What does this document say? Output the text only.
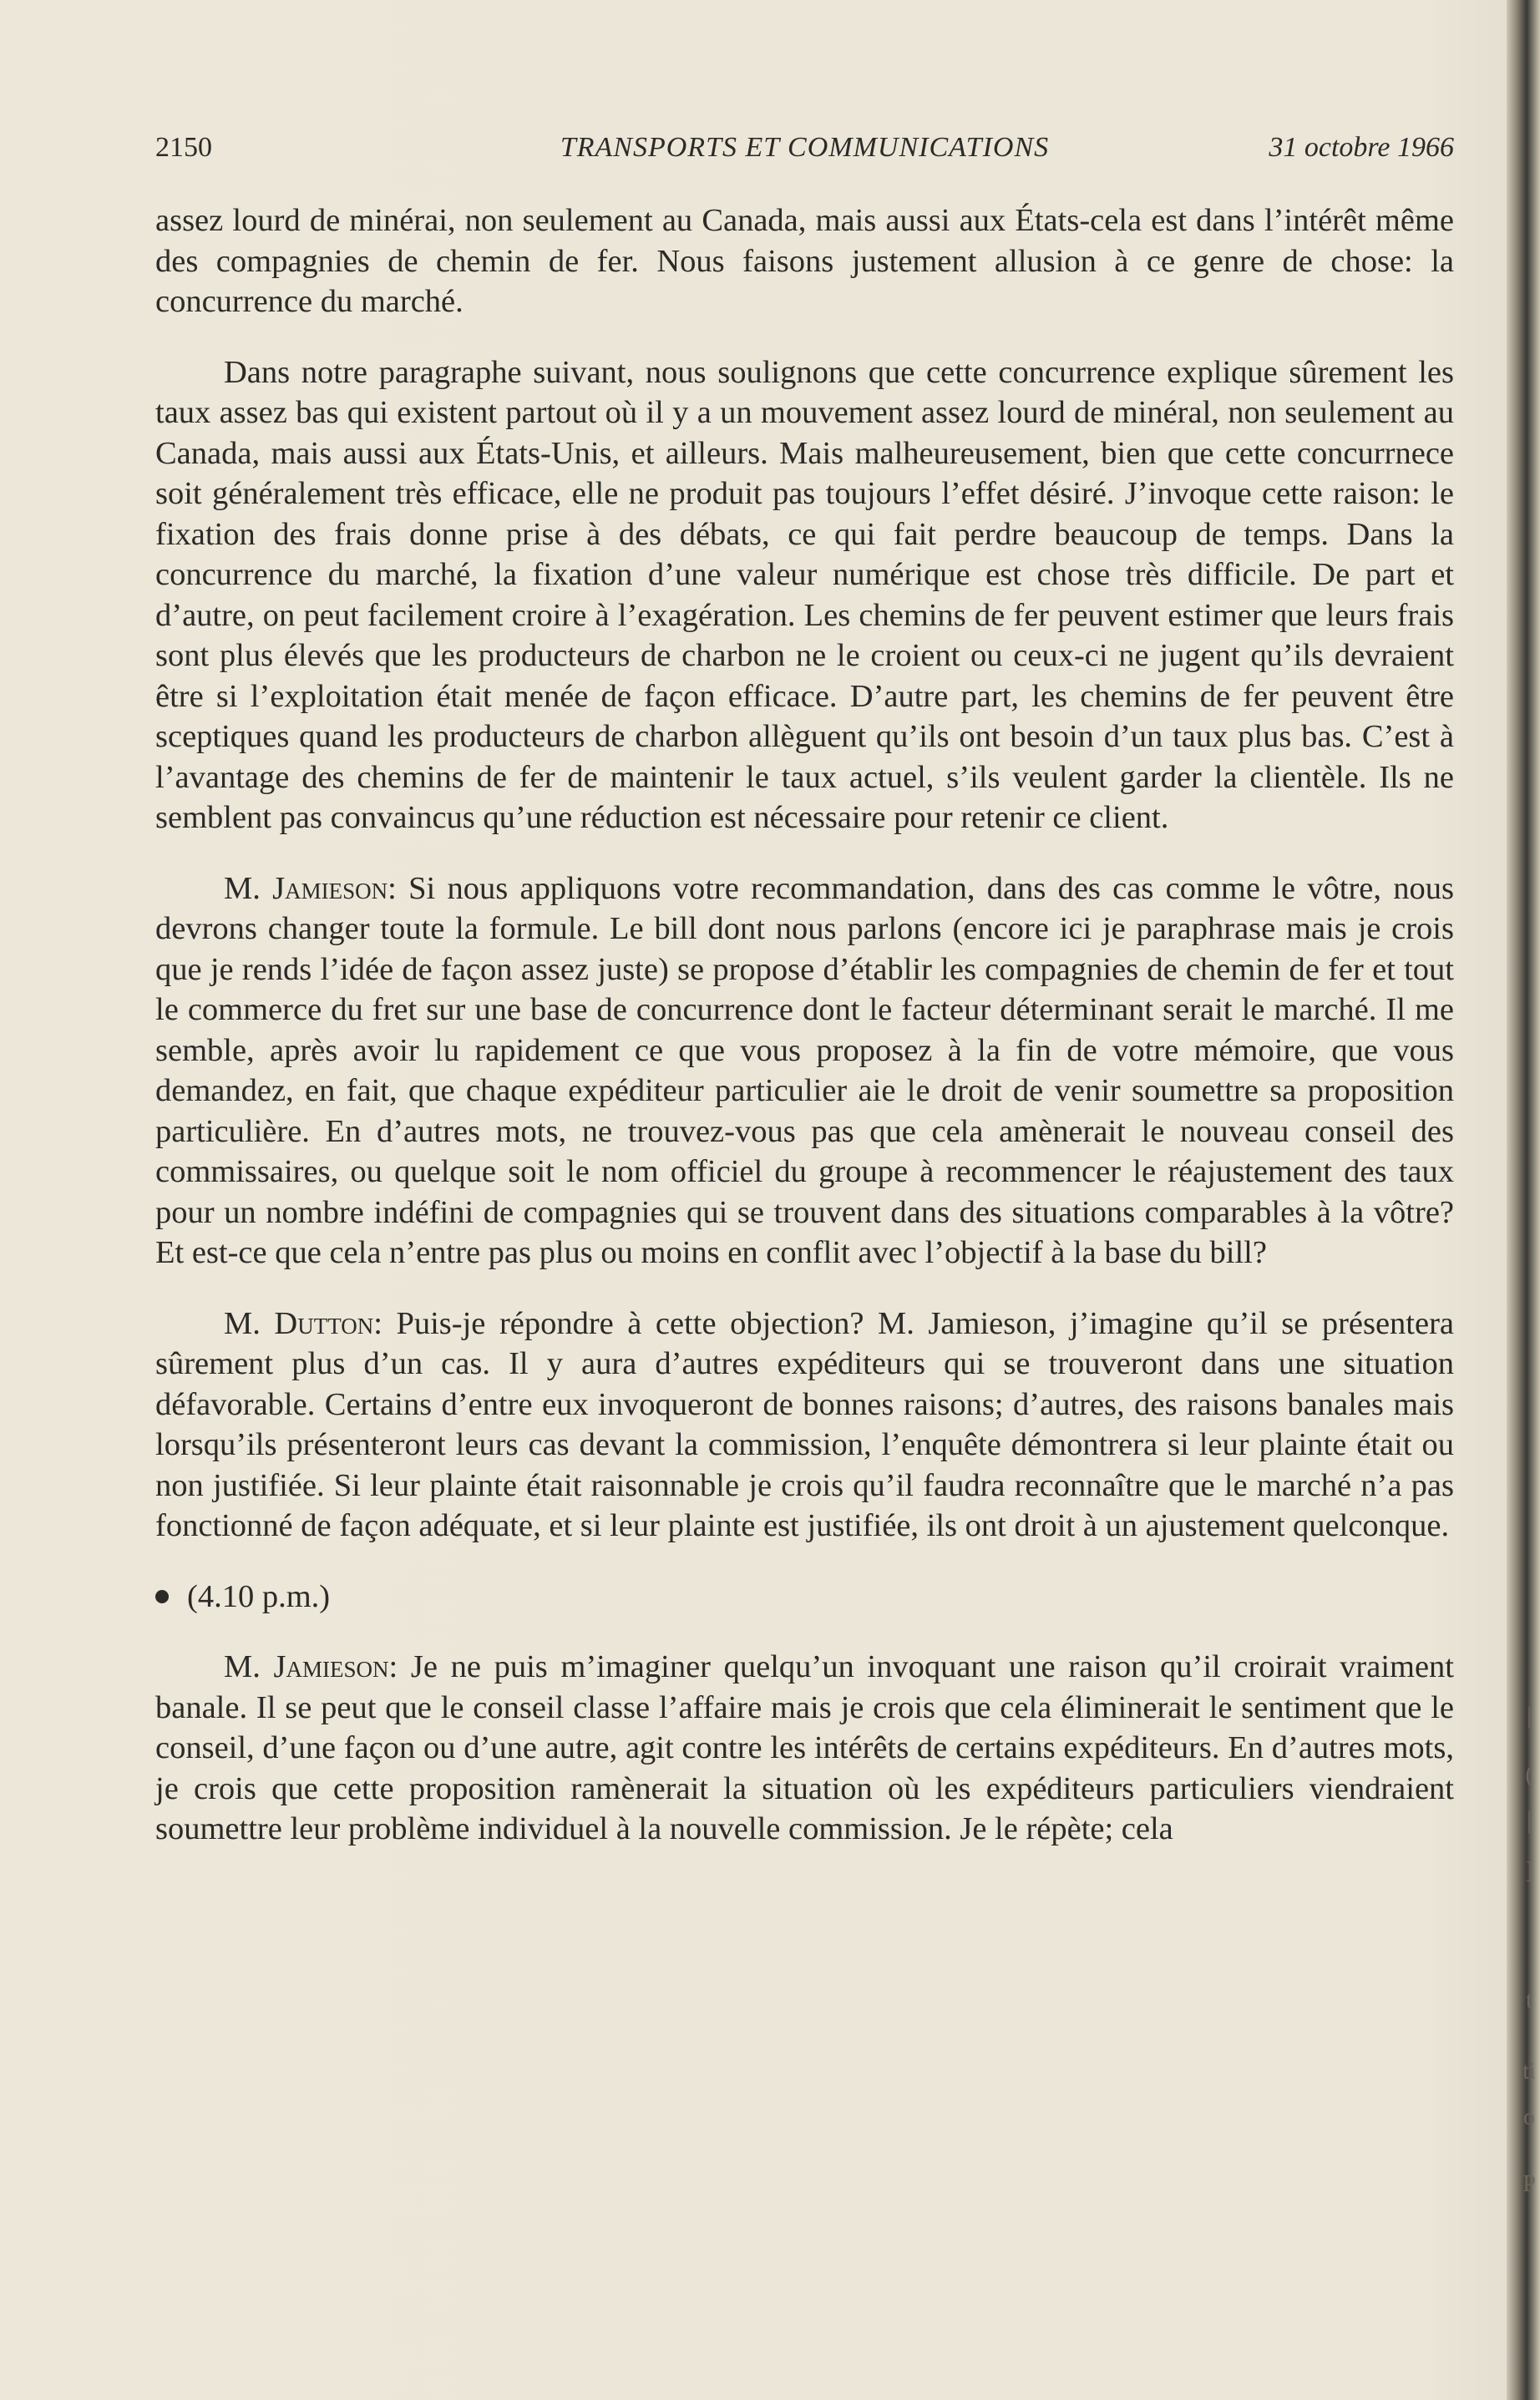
2150	TRANSPORTS ET COMMUNICATIONS	31 octobre 1966

assez lourd de minérai, non seulement au Canada, mais aussi aux États-cela est dans l’intérêt même des compagnies de chemin de fer. Nous faisons justement allusion à ce genre de chose: la concurrence du marché.

Dans notre paragraphe suivant, nous soulignons que cette concurrence explique sûrement les taux assez bas qui existent partout où il y a un mouvement assez lourd de minéral, non seulement au Canada, mais aussi aux États-Unis, et ailleurs. Mais malheureusement, bien que cette concurrnece soit généralement très efficace, elle ne produit pas toujours l’effet désiré. J’invoque cette raison: le fixation des frais donne prise à des débats, ce qui fait perdre beaucoup de temps. Dans la concurrence du marché, la fixation d’une valeur numérique est chose très difficile. De part et d’autre, on peut facilement croire à l’exagération. Les chemins de fer peuvent estimer que leurs frais sont plus élevés que les producteurs de charbon ne le croient ou ceux-ci ne jugent qu’ils devraient être si l’exploitation était menée de façon efficace. D’autre part, les chemins de fer peuvent être sceptiques quand les producteurs de charbon allèguent qu’ils ont besoin d’un taux plus bas. C’est à l’avantage des chemins de fer de maintenir le taux actuel, s’ils veulent garder la clientèle. Ils ne semblent pas convaincus qu’une réduction est nécessaire pour retenir ce client.

M. Jamieson: Si nous appliquons votre recommandation, dans des cas comme le vôtre, nous devrons changer toute la formule. Le bill dont nous parlons (encore ici je paraphrase mais je crois que je rends l’idée de façon assez juste) se propose d’établir les compagnies de chemin de fer et tout le commerce du fret sur une base de concurrence dont le facteur déterminant serait le marché. Il me semble, après avoir lu rapidement ce que vous proposez à la fin de votre mémoire, que vous demandez, en fait, que chaque expéditeur particulier aie le droit de venir soumettre sa proposition particulière. En d’autres mots, ne trouvez-vous pas que cela amènerait le nouveau conseil des commissaires, ou quelque soit le nom officiel du groupe à recommencer le réajustement des taux pour un nombre indéfini de compagnies qui se trouvent dans des situations comparables à la vôtre? Et est-ce que cela n’entre pas plus ou moins en conflit avec l’objectif à la base du bill?

M. Dutton: Puis-je répondre à cette objection? M. Jamieson, j’imagine qu’il se présentera sûrement plus d’un cas. Il y aura d’autres expéditeurs qui se trouveront dans une situation défavorable. Certains d’entre eux invoqueront de bonnes raisons; d’autres, des raisons banales mais lorsqu’ils présenteront leurs cas devant la commission, l’enquête démontrera si leur plainte était ou non justifiée. Si leur plainte était raisonnable je crois qu’il faudra reconnaître que le marché n’a pas fonctionné de façon adéquate, et si leur plainte est justifiée, ils ont droit à un ajustement quelconque.

(4.10 p.m.)

M. Jamieson: Je ne puis m’imaginer quelqu’un invoquant une raison qu’il croirait vraiment banale. Il se peut que le conseil classe l’affaire mais je crois que cela éliminerait le sentiment que le conseil, d’une façon ou d’une autre, agit contre les intérêts de certains expéditeurs. En d’autres mots, je crois que cette proposition ramènerait la situation où les expéditeurs particuliers viendraient soumettre leur problème individuel à la nouvelle commission. Je le répète; cela

|
(
|
]
t
ti
o
P
